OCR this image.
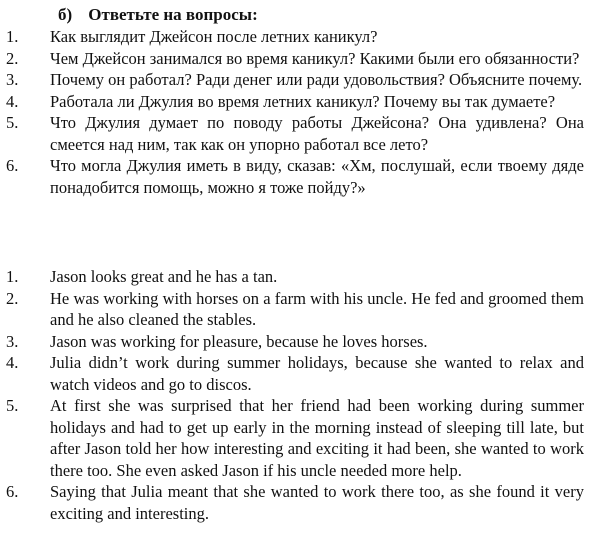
б) Ответьте на вопросы:
1. Как выглядит Джейсон после летних каникул?
2. Чем Джейсон занимался во время каникул? Какими были его обязанности?
3. Почему он работал? Ради денег или ради удовольствия? Объясните почему.
4. Работала ли Джулия во время летних каникул? Почему вы так думаете?
5. Что Джулия думает по поводу работы Джейсона? Она удивлена? Она смеется над ним, так как он упорно работал все лето?
6. Что могла Джулия иметь в виду, сказав: «Хм, послушай, если твоему дяде понадобится помощь, можно я тоже пойду?»
1. Jason looks great and he has a tan.
2. He was working with horses on a farm with his uncle. He fed and groomed them and he also cleaned the stables.
3. Jason was working for pleasure, because he loves horses.
4. Julia didn’t work during summer holidays, because she wanted to relax and watch videos and go to discos.
5. At first she was surprised that her friend had been working during summer holidays and had to get up early in the morning instead of sleeping till late, but after Jason told her how interesting and exciting it had been, she wanted to work there too. She even asked Jason if his uncle needed more help.
6. Saying that Julia meant that she wanted to work there too, as she found it very exciting and interesting.
